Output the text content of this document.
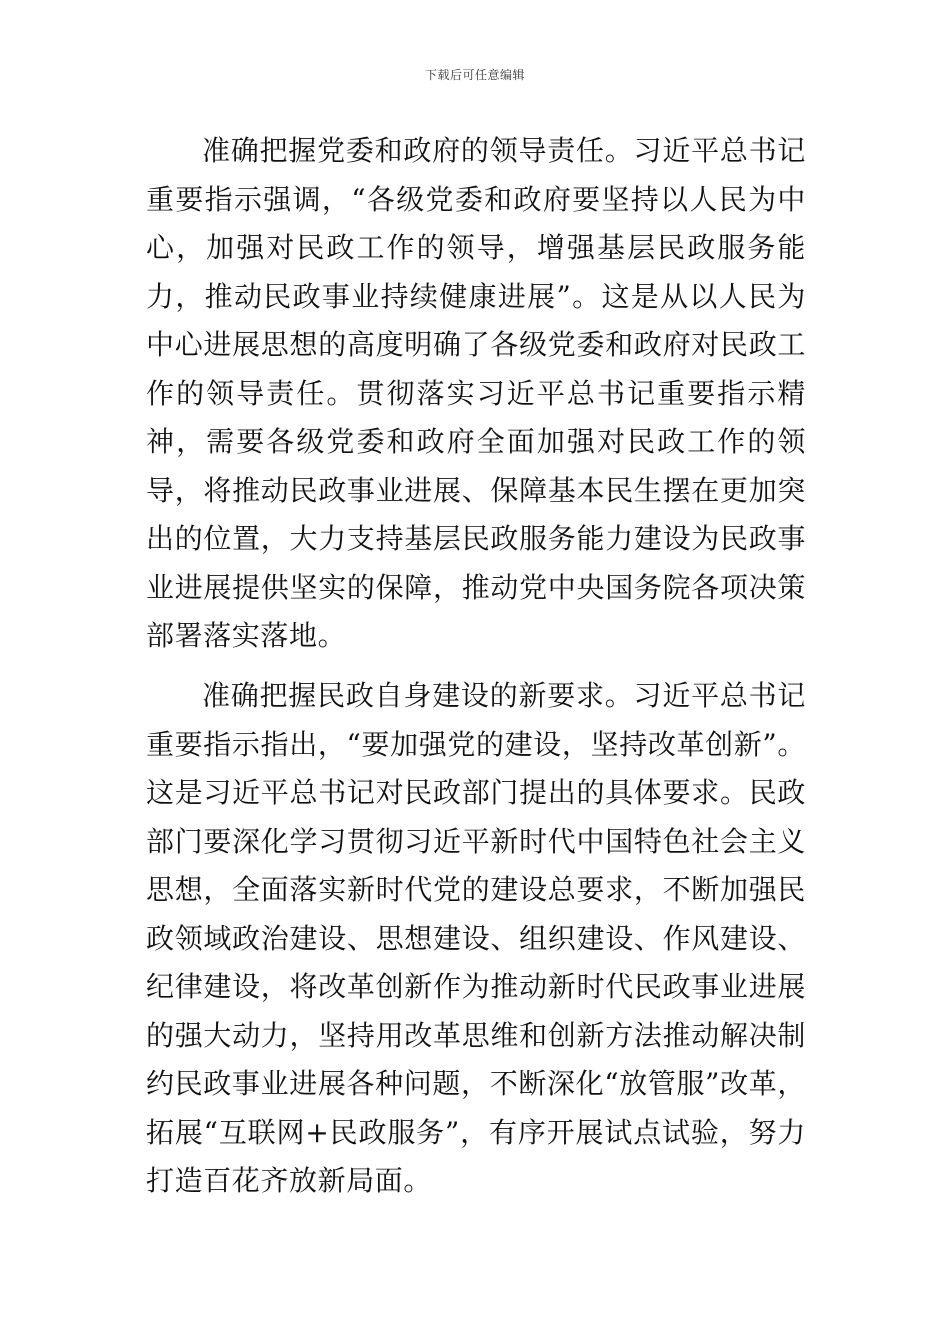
下载后可任意编辑

准确把握党委和政府的领导责任。习近平总书记重要指示强调，“各级党委和政府要坚持以人民为中心，加强对民政工作的领导，增强基层民政服务能力，推动民政事业持续健康进展”。这是从以人民为中心进展思想的高度明确了各级党委和政府对民政工作的领导责任。贯彻落实习近平总书记重要指示精神，需要各级党委和政府全面加强对民政工作的领导，将推动民政事业进展、保障基本民生摆在更加突出的位置，大力支持基层民政服务能力建设为民政事业进展提供坚实的保障，推动党中央国务院各项决策部署落实落地。

准确把握民政自身建设的新要求。习近平总书记重要指示指出，“要加强党的建设，坚持改革创新”。这是习近平总书记对民政部门提出的具体要求。民政部门要深化学习贯彻习近平新时代中国特色社会主义思想，全面落实新时代党的建设总要求，不断加强民政领域政治建设、思想建设、组织建设、作风建设、纪律建设，将改革创新作为推动新时代民政事业进展的强大动力，坚持用改革思维和创新方法推动解决制约民政事业进展各种问题，不断深化“放管服”改革，拓展“互联网+民政服务”，有序开展试点试验，努力打造百花齐放新局面。
